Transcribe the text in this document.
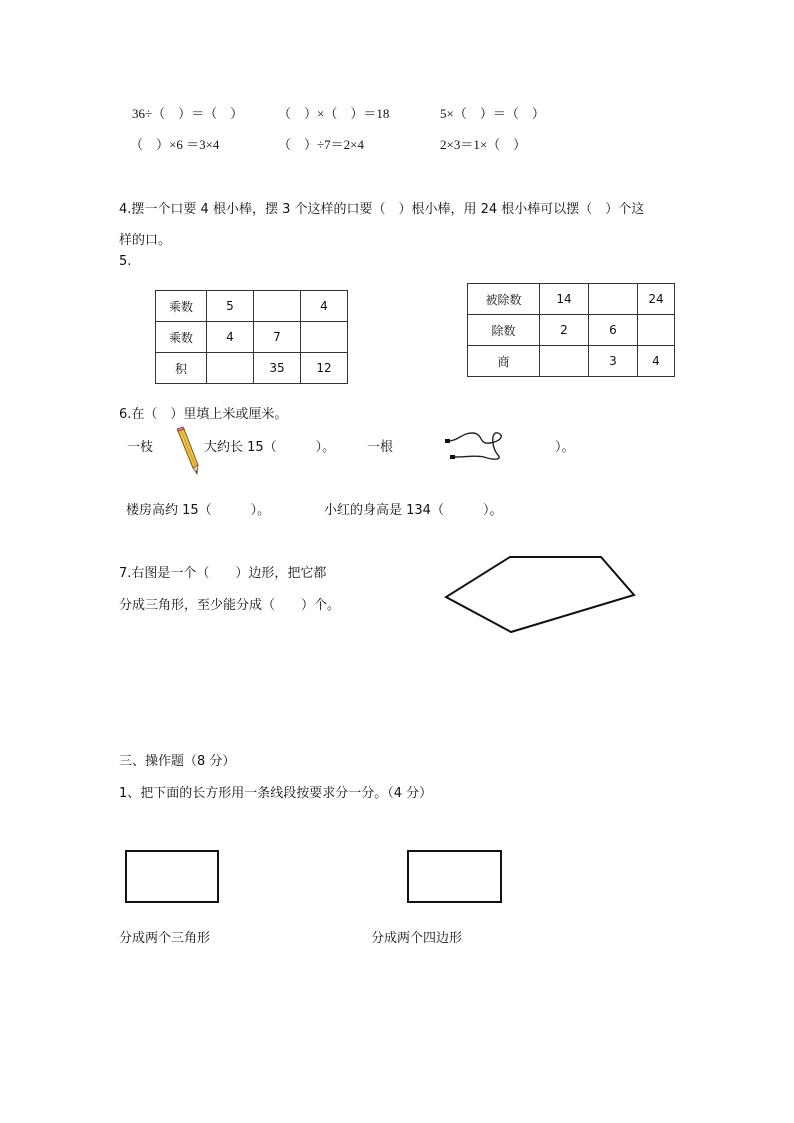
36÷（　）＝（　）	（　）×（　）＝18	5×（　）＝（　）
（　）×6 ＝3×4	（　）÷7＝2×4	2×3＝1×（　）
4.摆一个口要 4 根小棒，摆 3 个这样的口要（　）根小棒，用 24 根小棒可以摆（　）个这
样的口。
5.
乘数	5		4
乘数	4	7	
积		35	12
被除数	14		24
除数	2	6	
商		3	4
6.在（　）里填上米或厘米。
一枝	大约长 15（　　　）。 一根	）。
楼房高约 15（　　　）。	小红的身高是 134（　　　）。
7.右图是一个（　　）边形，把它都
分成三角形，至少能分成（　　）个。
三、操作题（8 分）
1、把下面的长方形用一条线段按要求分一分。（4 分）
分成两个三角形	分成两个四边形
